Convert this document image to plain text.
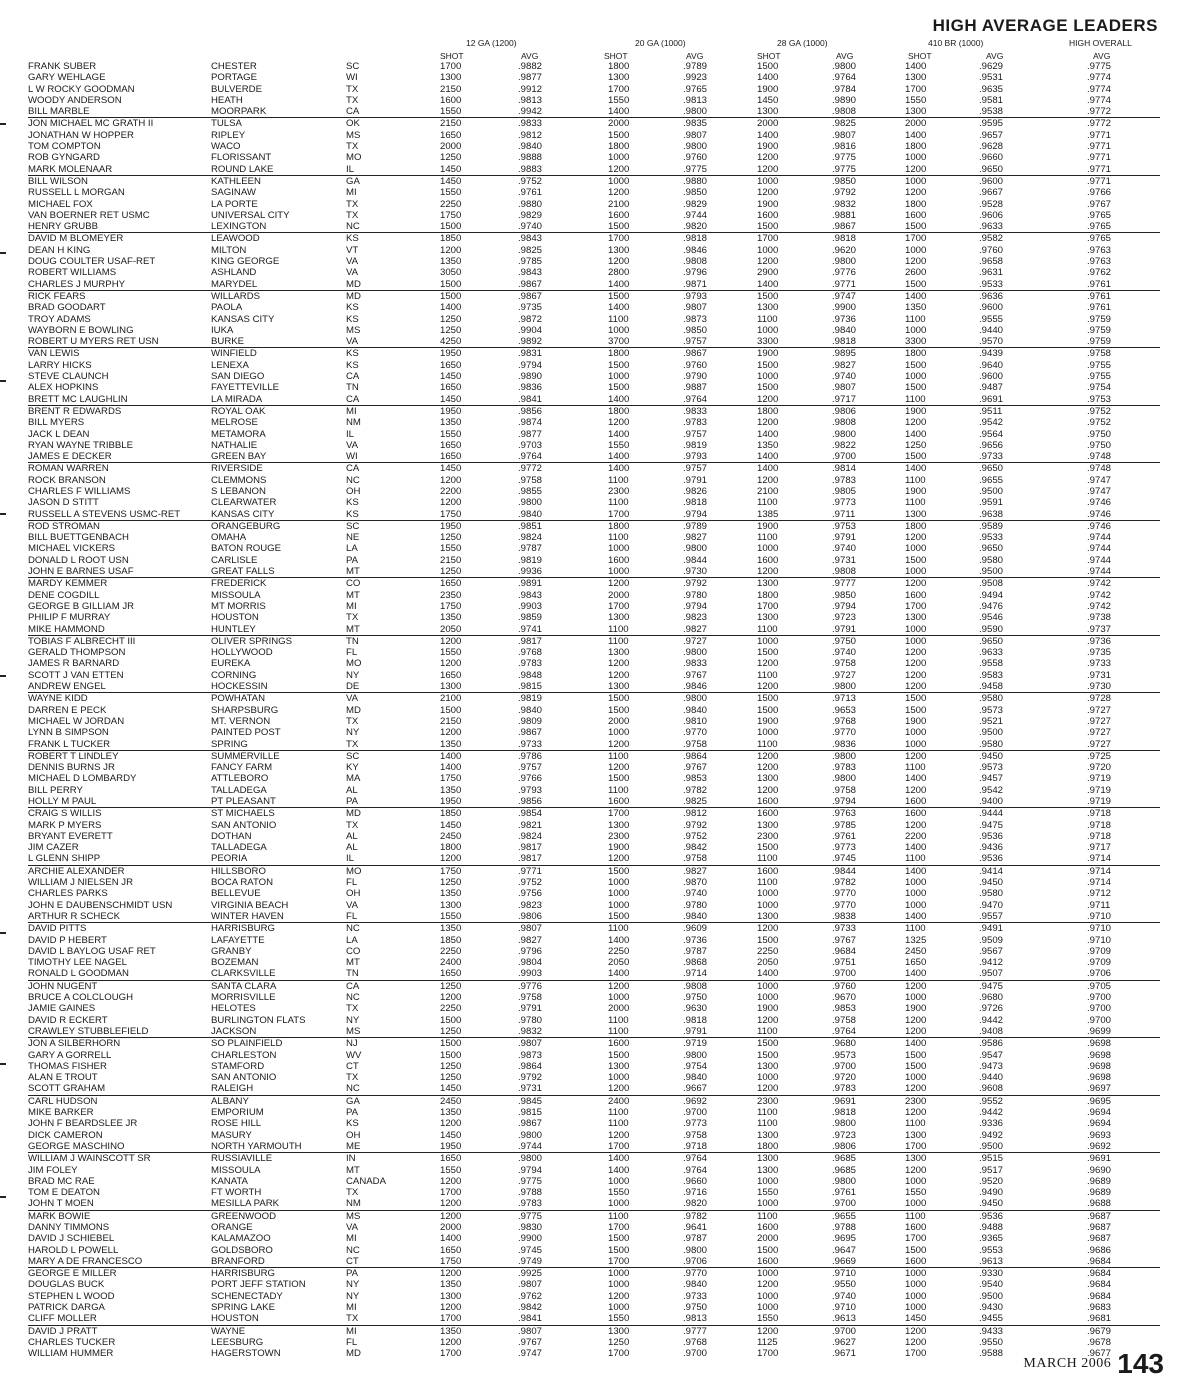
HIGH AVERAGE LEADERS
12 GA (1200)	20 GA (1000)	28 GA (1000)	410 BR (1000)	HIGH OVERALL
SHOT	AVG	SHOT	AVG	SHOT	AVG	SHOT	AVG	AVG
FRANK SUBER	CHESTER	SC	1700	.9882	1800	.9789	1500	.9800	1400	.9629	.9775
GARY WEHLAGE	PORTAGE	WI	1300	.9877	1300	.9923	1400	.9764	1300	.9531	.9774
L W ROCKY GOODMAN	BULVERDE	TX	2150	.9912	1700	.9765	1900	.9784	1700	.9635	.9774
WOODY ANDERSON	HEATH	TX	1600	.9813	1550	.9813	1450	.9890	1550	.9581	.9774
BILL MARBLE	MOORPARK	CA	1550	.9942	1400	.9800	1300	.9808	1300	.9538	.9772
JON MICHAEL MC GRATH II	TULSA	OK	2150	.9833	2000	.9835	2000	.9825	2000	.9595	.9772
JONATHAN W HOPPER	RIPLEY	MS	1650	.9812	1500	.9807	1400	.9807	1400	.9657	.9771
TOM COMPTON	WACO	TX	2000	.9840	1800	.9800	1900	.9816	1800	.9628	.9771
ROB GYNGARD	FLORISSANT	MO	1250	.9888	1000	.9760	1200	.9775	1000	.9660	.9771
MARK MOLENAAR	ROUND LAKE	IL	1450	.9883	1200	.9775	1200	.9775	1200	.9650	.9771
BILL WILSON	KATHLEEN	GA	1450	.9752	1000	.9880	1000	.9850	1000	.9600	.9771
RUSSELL L MORGAN	SAGINAW	MI	1550	.9761	1200	.9850	1200	.9792	1200	.9667	.9766
MICHAEL FOX	LA PORTE	TX	2250	.9880	2100	.9829	1900	.9832	1800	.9528	.9767
VAN BOERNER RET USMC	UNIVERSAL CITY	TX	1750	.9829	1600	.9744	1600	.9881	1600	.9606	.9765
HENRY GRUBB	LEXINGTON	NC	1500	.9740	1500	.9820	1500	.9867	1500	.9633	.9765
DAVID M BLOMEYER	LEAWOOD	KS	1850	.9843	1700	.9818	1700	.9818	1700	.9582	.9765
DEAN H KING	MILTON	VT	1200	.9825	1300	.9846	1000	.9620	1000	.9760	.9763
DOUG COULTER USAF-RET	KING GEORGE	VA	1350	.9785	1200	.9808	1200	.9800	1200	.9658	.9763
ROBERT WILLIAMS	ASHLAND	VA	3050	.9843	2800	.9796	2900	.9776	2600	.9631	.9762
CHARLES J MURPHY	MARYDEL	MD	1500	.9867	1400	.9871	1400	.9771	1500	.9533	.9761
RICK FEARS	WILLARDS	MD	1500	.9867	1500	.9793	1500	.9747	1400	.9636	.9761
BRAD GOODART	PAOLA	KS	1400	.9735	1400	.9807	1300	.9900	1350	.9600	.9761
TROY ADAMS	KANSAS CITY	KS	1250	.9872	1100	.9873	1100	.9736	1100	.9555	.9759
WAYBORN E BOWLING	IUKA	MS	1250	.9904	1000	.9850	1000	.9840	1000	.9440	.9759
ROBERT U MYERS RET USN	BURKE	VA	4250	.9892	3700	.9757	3300	.9818	3300	.9570	.9759
VAN LEWIS	WINFIELD	KS	1950	.9831	1800	.9867	1900	.9895	1800	.9439	.9758
LARRY HICKS	LENEXA	KS	1650	.9794	1500	.9760	1500	.9827	1500	.9640	.9755
STEVE CLAUNCH	SAN DIEGO	CA	1450	.9890	1000	.9790	1000	.9740	1000	.9600	.9755
ALEX HOPKINS	FAYETTEVILLE	TN	1650	.9836	1500	.9887	1500	.9807	1500	.9487	.9754
BRETT MC LAUGHLIN	LA MIRADA	CA	1450	.9841	1400	.9764	1200	.9717	1100	.9691	.9753
BRENT R EDWARDS	ROYAL OAK	MI	1950	.9856	1800	.9833	1800	.9806	1900	.9511	.9752
BILL MYERS	MELROSE	NM	1350	.9874	1200	.9783	1200	.9808	1200	.9542	.9752
JACK L DEAN	METAMORA	IL	1550	.9877	1400	.9757	1400	.9800	1400	.9564	.9750
RYAN WAYNE TRIBBLE	NATHALIE	VA	1650	.9703	1550	.9819	1350	.9822	1250	.9656	.9750
JAMES E DECKER	GREEN BAY	WI	1650	.9764	1400	.9793	1400	.9700	1500	.9733	.9748
ROMAN WARREN	RIVERSIDE	CA	1450	.9772	1400	.9757	1400	.9814	1400	.9650	.9748
ROCK BRANSON	CLEMMONS	NC	1200	.9758	1100	.9791	1200	.9783	1100	.9655	.9747
CHARLES F WILLIAMS	S LEBANON	OH	2200	.9855	2300	.9826	2100	.9805	1900	.9500	.9747
JASON D STITT	CLEARWATER	KS	1200	.9800	1100	.9818	1100	.9773	1100	.9591	.9746
RUSSELL A STEVENS USMC-RET	KANSAS CITY	KS	1750	.9840	1700	.9794	1385	.9711	1300	.9638	.9746
ROD STROMAN	ORANGEBURG	SC	1950	.9851	1800	.9789	1900	.9753	1800	.9589	.9746
BILL BUETTGENBACH	OMAHA	NE	1250	.9824	1100	.9827	1100	.9791	1200	.9533	.9744
MICHAEL VICKERS	BATON ROUGE	LA	1550	.9787	1000	.9800	1000	.9740	1000	.9650	.9744
DONALD L ROOT USN	CARLISLE	PA	2150	.9819	1600	.9844	1600	.9731	1500	.9580	.9744
JOHN E BARNES USAF	GREAT FALLS	MT	1250	.9936	1000	.9730	1200	.9808	1000	.9500	.9744
MARDY KEMMER	FREDERICK	CO	1650	.9891	1200	.9792	1300	.9777	1200	.9508	.9742
DENE COGDILL	MISSOULA	MT	2350	.9843	2000	.9780	1800	.9850	1600	.9494	.9742
GEORGE B GILLIAM JR	MT MORRIS	MI	1750	.9903	1700	.9794	1700	.9794	1700	.9476	.9742
PHILIP F MURRAY	HOUSTON	TX	1350	.9859	1300	.9823	1300	.9723	1300	.9546	.9738
MIKE HAMMOND	HUNTLEY	MT	2050	.9741	1100	.9827	1100	.9791	1000	.9590	.9737
TOBIAS F ALBRECHT III	OLIVER SPRINGS	TN	1200	.9817	1100	.9727	1000	.9750	1000	.9650	.9736
GERALD THOMPSON	HOLLYWOOD	FL	1550	.9768	1300	.9800	1500	.9740	1200	.9633	.9735
JAMES R BARNARD	EUREKA	MO	1200	.9783	1200	.9833	1200	.9758	1200	.9558	.9733
SCOTT J VAN ETTEN	CORNING	NY	1650	.9848	1200	.9767	1100	.9727	1200	.9583	.9731
ANDREW ENGEL	HOCKESSIN	DE	1300	.9815	1300	.9846	1200	.9800	1200	.9458	.9730
WAYNE KIDD	POWHATAN	VA	2100	.9819	1500	.9800	1500	.9713	1500	.9580	.9728
DARREN E PECK	SHARPSBURG	MD	1500	.9840	1500	.9840	1500	.9653	1500	.9573	.9727
MICHAEL W JORDAN	MT. VERNON	TX	2150	.9809	2000	.9810	1900	.9768	1900	.9521	.9727
LYNN B SIMPSON	PAINTED POST	NY	1200	.9867	1000	.9770	1000	.9770	1000	.9500	.9727
FRANK L TUCKER	SPRING	TX	1350	.9733	1200	.9758	1100	.9836	1000	.9580	.9727
ROBERT T LINDLEY	SUMMERVILLE	SC	1400	.9786	1100	.9864	1200	.9800	1200	.9450	.9725
DENNIS BURNS JR	FANCY FARM	KY	1400	.9757	1200	.9767	1200	.9783	1100	.9573	.9720
MICHAEL D LOMBARDY	ATTLEBORO	MA	1750	.9766	1500	.9853	1300	.9800	1400	.9457	.9719
BILL PERRY	TALLADEGA	AL	1350	.9793	1100	.9782	1200	.9758	1200	.9542	.9719
HOLLY M PAUL	PT PLEASANT	PA	1950	.9856	1600	.9825	1600	.9794	1600	.9400	.9719
CRAIG S WILLIS	ST MICHAELS	MD	1850	.9854	1700	.9812	1600	.9763	1600	.9444	.9718
MARK P MYERS	SAN ANTONIO	TX	1450	.9821	1300	.9792	1300	.9785	1200	.9475	.9718
BRYANT EVERETT	DOTHAN	AL	2450	.9824	2300	.9752	2300	.9761	2200	.9536	.9718
JIM CAZER	TALLADEGA	AL	1800	.9817	1900	.9842	1500	.9773	1400	.9436	.9717
L GLENN SHIPP	PEORIA	IL	1200	.9817	1200	.9758	1100	.9745	1100	.9536	.9714
ARCHIE ALEXANDER	HILLSBORO	MO	1750	.9771	1500	.9827	1600	.9844	1400	.9414	.9714
WILLIAM J NIELSEN JR	BOCA RATON	FL	1250	.9752	1000	.9870	1100	.9782	1000	.9450	.9714
CHARLES PARKS	BELLEVUE	OH	1350	.9756	1000	.9740	1000	.9770	1000	.9580	.9712
JOHN E DAUBENSCHMIDT USN	VIRGINIA BEACH	VA	1300	.9823	1000	.9780	1000	.9770	1000	.9470	.9711
ARTHUR R SCHECK	WINTER HAVEN	FL	1550	.9806	1500	.9840	1300	.9838	1400	.9557	.9710
DAVID PITTS	HARRISBURG	NC	1350	.9807	1100	.9609	1200	.9733	1100	.9491	.9710
DAVID P HEBERT	LAFAYETTE	LA	1850	.9827	1400	.9736	1500	.9767	1325	.9509	.9710
DAVID L BAYLOG USAF RET	GRANBY	CO	2250	.9796	2250	.9787	2250	.9684	2450	.9567	.9709
TIMOTHY LEE NAGEL	BOZEMAN	MT	2400	.9804	2050	.9868	2050	.9751	1650	.9412	.9709
RONALD L GOODMAN	CLARKSVILLE	TN	1650	.9903	1400	.9714	1400	.9700	1400	.9507	.9706
JOHN NUGENT	SANTA CLARA	CA	1250	.9776	1200	.9808	1000	.9760	1200	.9475	.9705
BRUCE A COLCLOUGH	MORRISVILLE	NC	1200	.9758	1000	.9750	1000	.9670	1000	.9680	.9700
JAMIE GAINES	HELOTES	TX	2250	.9791	2000	.9630	1900	.9853	1900	.9726	.9700
DAVID R ECKERT	BURLINGTON FLATS	NY	1500	.9780	1100	.9818	1200	.9758	1200	.9442	.9700
CRAWLEY STUBBLEFIELD	JACKSON	MS	1250	.9832	1100	.9791	1100	.9764	1200	.9408	.9699
JON A SILBERHORN	SO PLAINFIELD	NJ	1500	.9807	1600	.9719	1500	.9680	1400	.9586	.9698
GARY A GORRELL	CHARLESTON	WV	1500	.9873	1500	.9800	1500	.9573	1500	.9547	.9698
THOMAS FISHER	STAMFORD	CT	1250	.9864	1300	.9754	1300	.9700	1500	.9473	.9698
ALAN E TROUT	SAN ANTONIO	TX	1250	.9792	1000	.9840	1000	.9720	1000	.9440	.9698
SCOTT GRAHAM	RALEIGH	NC	1450	.9731	1200	.9667	1200	.9783	1200	.9608	.9697
CARL HUDSON	ALBANY	GA	2450	.9845	2400	.9692	2300	.9691	2300	.9552	.9695
MIKE BARKER	EMPORIUM	PA	1350	.9815	1100	.9700	1100	.9818	1200	.9442	.9694
JOHN F BEARDSLEE JR	ROSE HILL	KS	1200	.9867	1100	.9773	1100	.9800	1100	.9336	.9694
DICK CAMERON	MASURY	OH	1450	.9800	1200	.9758	1300	.9723	1300	.9492	.9693
GEORGE MASCHINO	NORTH YARMOUTH	ME	1950	.9744	1700	.9718	1800	.9806	1700	.9500	.9692
WILLIAM J WAINSCOTT SR	RUSSIAVILLE	IN	1650	.9800	1400	.9764	1300	.9685	1300	.9515	.9691
JIM FOLEY	MISSOULA	MT	1550	.9794	1400	.9764	1300	.9685	1200	.9517	.9690
BRAD MC RAE	KANATA	CANADA	1200	.9775	1000	.9660	1000	.9800	1000	.9520	.9689
TOM E DEATON	FT WORTH	TX	1700	.9788	1550	.9716	1550	.9761	1550	.9490	.9689
JOHN T MOEN	MESILLA PARK	NM	1200	.9783	1000	.9820	1000	.9700	1000	.9450	.9688
MARK BOWIE	GREENWOOD	MS	1200	.9775	1100	.9782	1100	.9655	1100	.9536	.9687
DANNY TIMMONS	ORANGE	VA	2000	.9830	1700	.9641	1600	.9788	1600	.9488	.9687
DAVID J SCHIEBEL	KALAMAZOO	MI	1400	.9900	1500	.9787	2000	.9695	1700	.9365	.9687
HAROLD L POWELL	GOLDSBORO	NC	1650	.9745	1500	.9800	1500	.9647	1500	.9553	.9686
MARY A DE FRANCESCO	BRANFORD	CT	1750	.9749	1700	.9706	1600	.9669	1600	.9613	.9684
GEORGE E MILLER	HARRISBURG	PA	1200	.9925	1000	.9770	1000	.9710	1000	.9330	.9684
DOUGLAS BUCK	PORT JEFF STATION	NY	1350	.9807	1000	.9840	1200	.9550	1000	.9540	.9684
STEPHEN L WOOD	SCHENECTADY	NY	1300	.9762	1200	.9733	1000	.9740	1000	.9500	.9684
PATRICK DARGA	SPRING LAKE	MI	1200	.9842	1000	.9750	1000	.9710	1000	.9430	.9683
CLIFF MOLLER	HOUSTON	TX	1700	.9841	1550	.9813	1550	.9613	1450	.9455	.9681
DAVID J PRATT	WAYNE	MI	1350	.9807	1300	.9777	1200	.9700	1200	.9433	.9679
CHARLES TUCKER	LEESBURG	FL	1200	.9767	1250	.9768	1125	.9627	1200	.9550	.9678
WILLIAM HUMMER	HAGERSTOWN	MD	1700	.9747	1700	.9700	1700	.9671	1700	.9588	.9677
MARCH 2006 143
